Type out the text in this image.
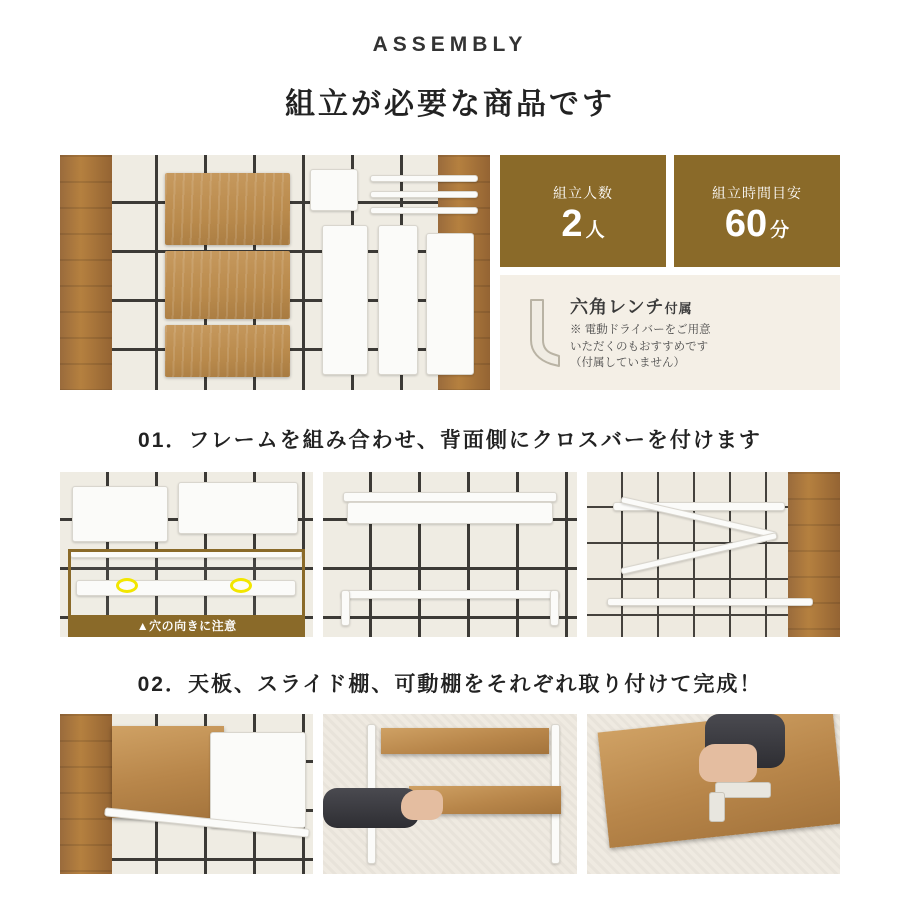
ASSEMBLY
組立が必要な商品です
組立人数
2 人
組立時間目安
60 分
六角レンチ付属
※ 電動ドライバーをご用意
いただくのもおすすめです
（付属していません）
01．フレームを組み合わせ、背面側にクロスバーを付けます
▲穴の向きに注意
02．天板、スライド棚、可動棚をそれぞれ取り付けて完成！
